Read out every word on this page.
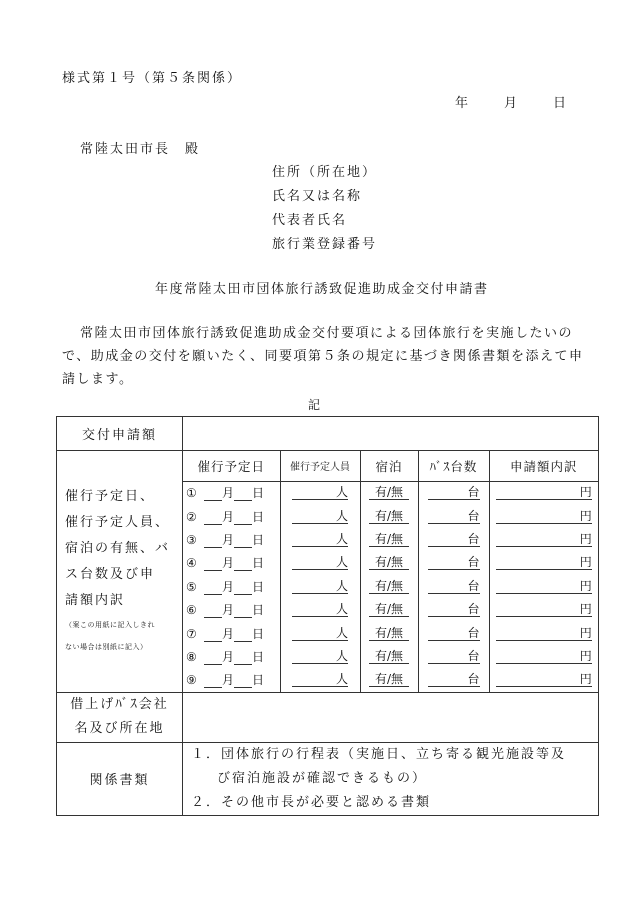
様式第１号（第５条関係）
年	月	日
常陸太田市長　殿
住所（所在地）
氏名又は名称
代表者氏名
旅行業登録番号
年度常陸太田市団体旅行誘致促進助成金交付申請書
常陸太田市団体旅行誘致促進助成金交付要項による団体旅行を実施したいので、助成金の交付を願いたく、同要項第５条の規定に基づき関係書類を添えて申請します。
記
交付申請額	

催行予定日、
催行予定人員、
宿泊の有無、バ
ス台数及び申
請額内訳
（案この用紙に記入しきれ
ない場合は別紙に記入）

催行予定日	催行予定人員	宿泊	ﾊﾞｽ台数	申請額内訳
① 月 日	人	有/無	台	円
② 月 日	人	有/無	台	円
③ 月 日	人	有/無	台	円
④ 月 日	人	有/無	台	円
⑤ 月 日	人	有/無	台	円
⑥ 月 日	人	有/無	台	円
⑦ 月 日	人	有/無	台	円
⑧ 月 日	人	有/無	台	円
⑨ 月 日	人	有/無	台	円

借上げﾊﾞｽ会社
名及び所在地

関係書類	
１．団体旅行の行程表（実施日、立ち寄る観光施設等及
び宿泊施設が確認できるもの）
２．その他市長が必要と認める書類
